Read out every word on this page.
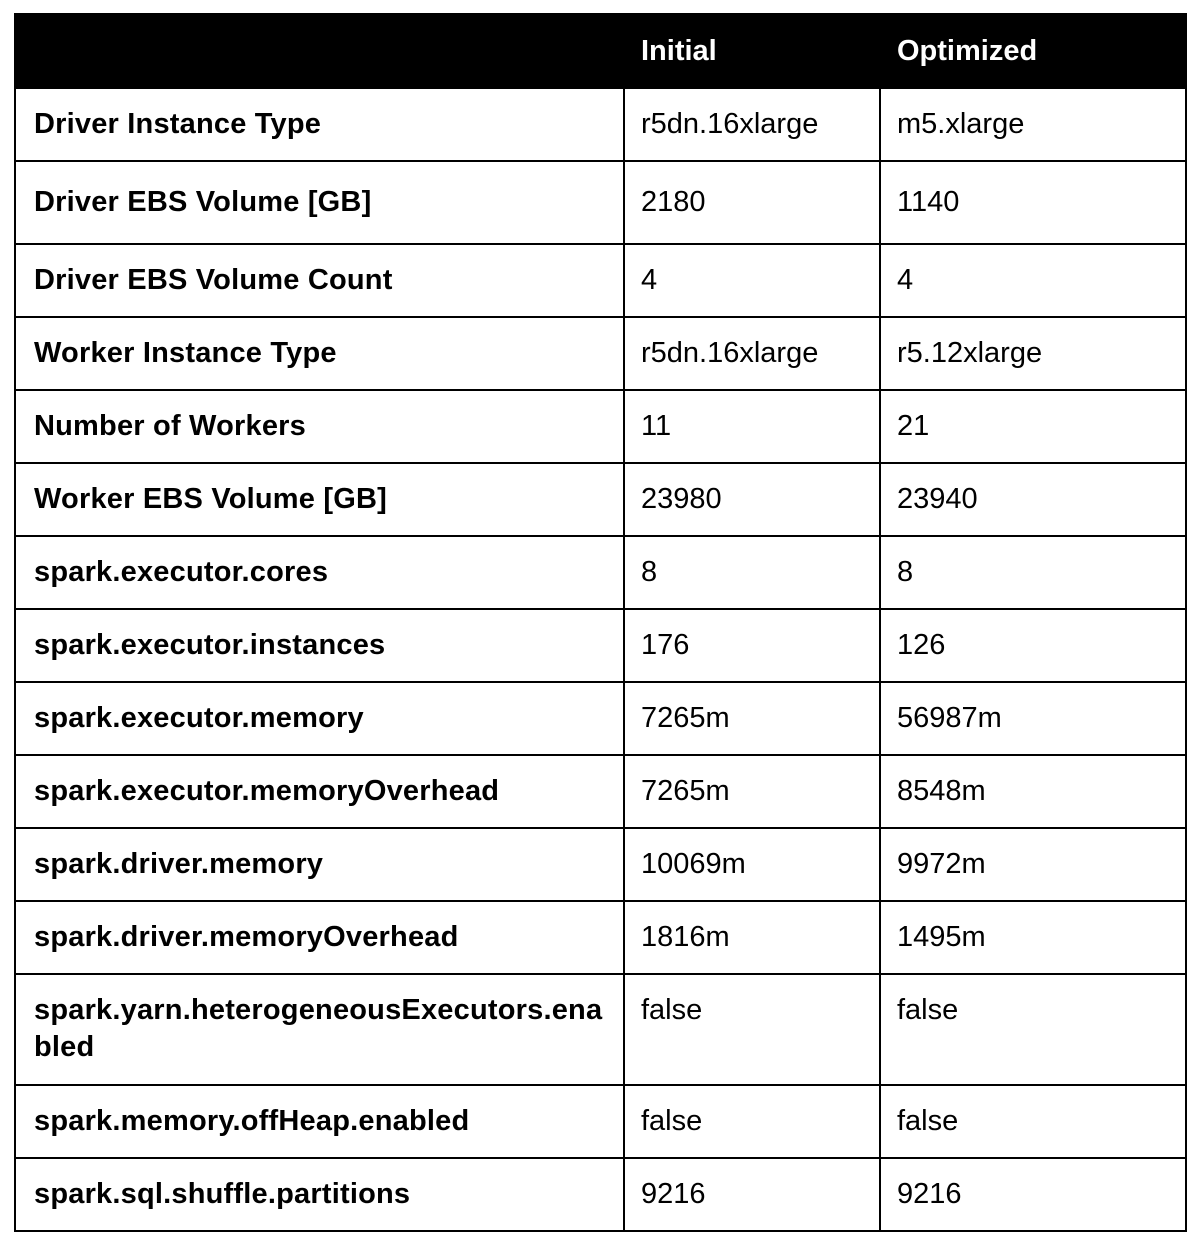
	Initial	Optimized
Driver Instance Type	r5dn.16xlarge	m5.xlarge
Driver EBS Volume [GB]	2180	1140
Driver EBS Volume Count	4	4
Worker Instance Type	r5dn.16xlarge	r5.12xlarge
Number of Workers	11	21
Worker EBS Volume [GB]	23980	23940
spark.executor.cores	8	8
spark.executor.instances	176	126
spark.executor.memory	7265m	56987m
spark.executor.memoryOverhead	7265m	8548m
spark.driver.memory	10069m	9972m
spark.driver.memoryOverhead	1816m	1495m
spark.yarn.heterogeneousExecutors.enabled	false	false
spark.memory.offHeap.enabled	false	false
spark.sql.shuffle.partitions	9216	9216
